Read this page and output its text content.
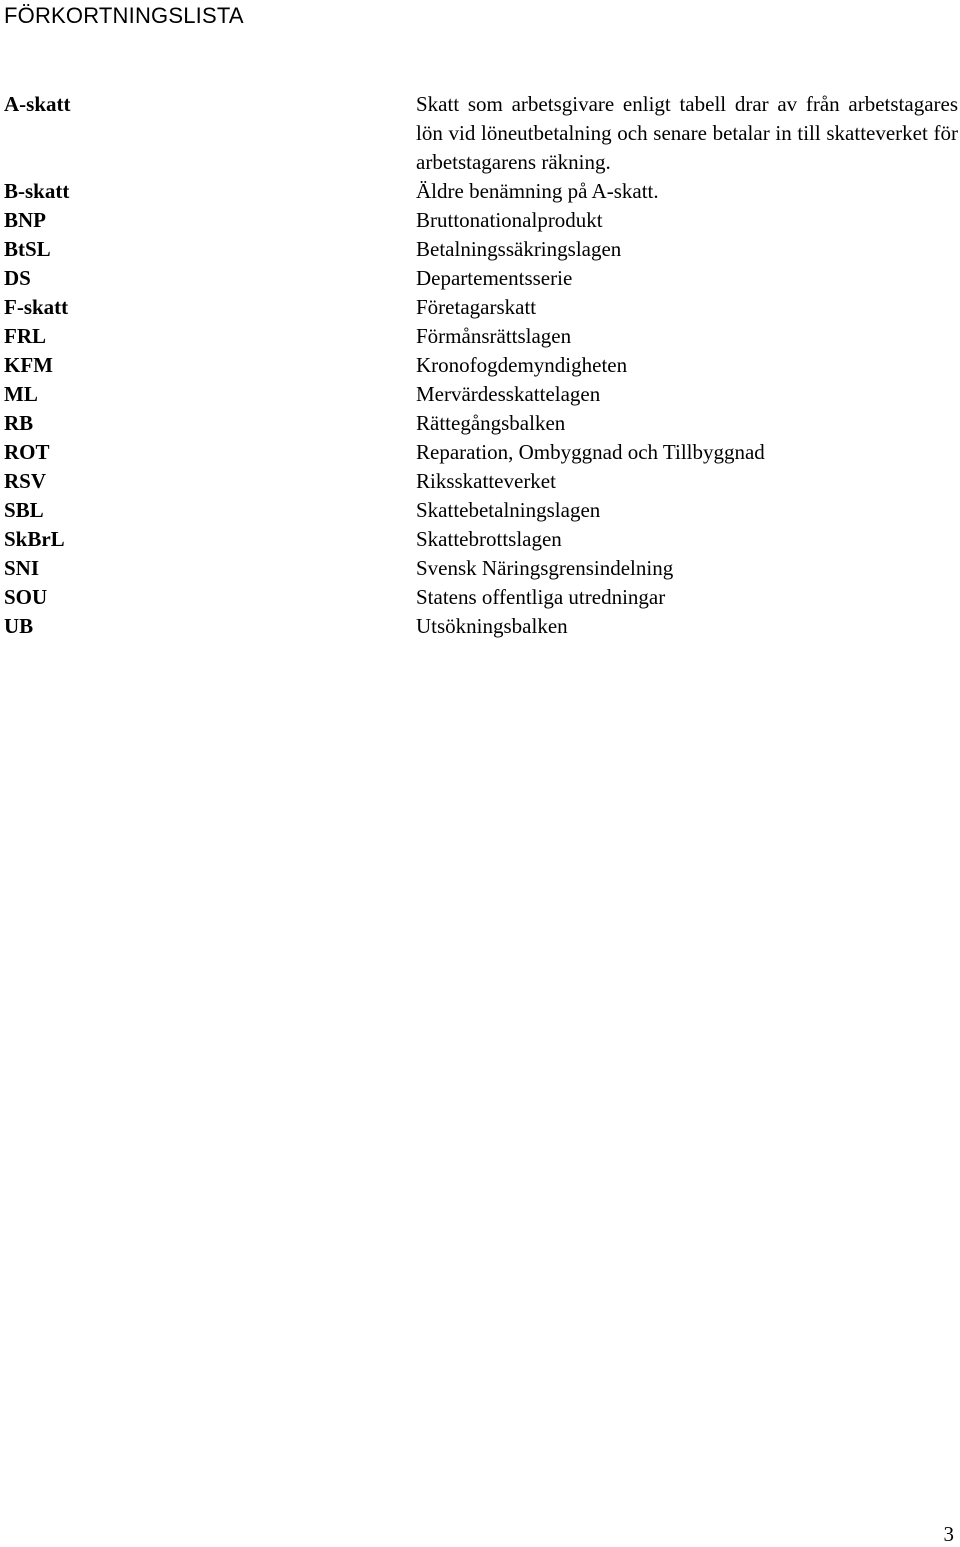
FÖRKORTNINGSLISTA
A-skatt	Skatt som arbetsgivare enligt tabell drar av från arbetstagares lön vid löneutbetalning och senare betalar in till skatteverket för arbetstagarens räkning.
B-skatt	Äldre benämning på A-skatt.
BNP	Bruttonationalprodukt
BtSL	Betalningssäkringslagen
DS	Departementsserie
F-skatt	Företagarskatt
FRL	Förmånsrättslagen
KFM	Kronofogdemyndigheten
ML	Mervärdesskattelagen
RB	Rättegångsbalken
ROT	Reparation, Ombyggnad och Tillbyggnad
RSV	Riksskatteverket
SBL	Skattebetalningslagen
SkBrL	Skattebrottslagen
SNI	Svensk Näringsgrensindelning
SOU	Statens offentliga utredningar
UB	Utsökningsbalken
3
